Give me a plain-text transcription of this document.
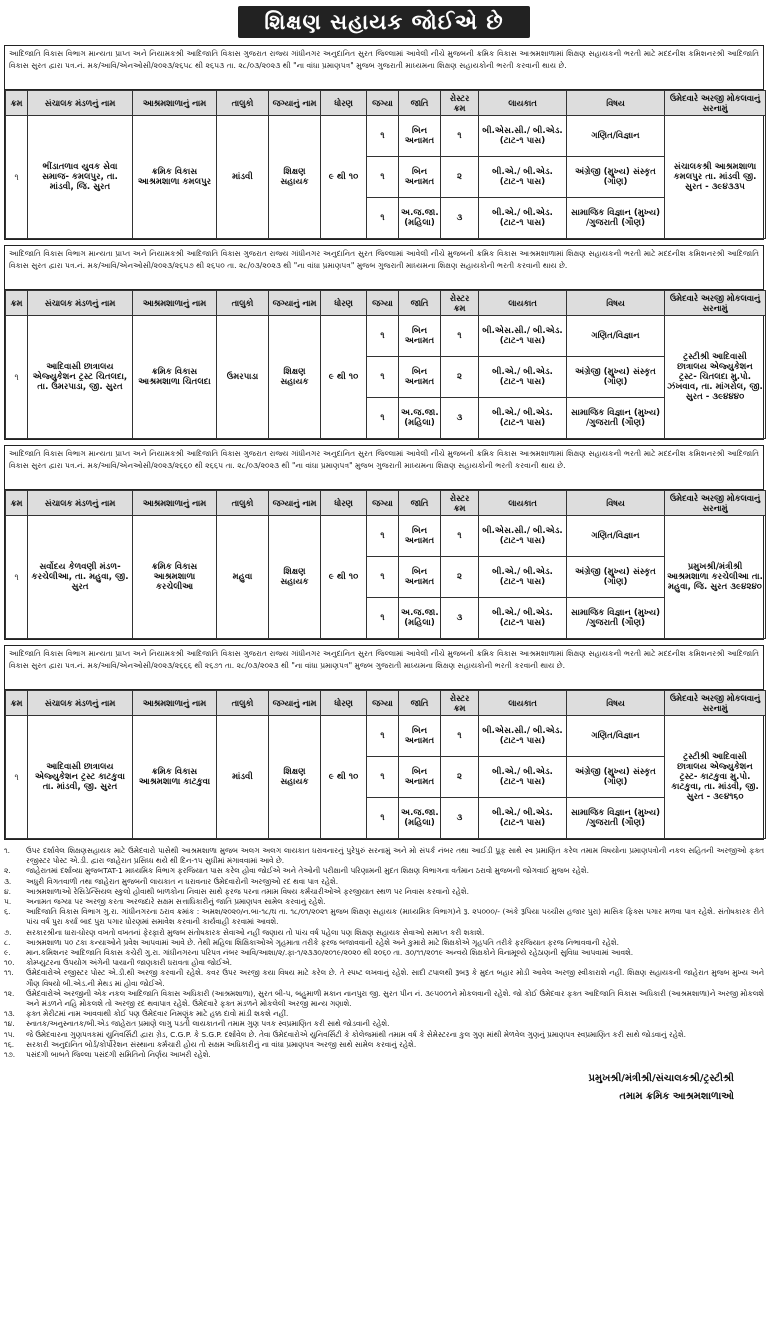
શિક્ષણ સહાયક જોઈએ છે
આદિજાતિ વિકાસ વિભાગ માન્યતા પ્રાપ્ત અને નિયામકશ્રી આદિજાતિ વિકાસ ગુજરાત રાજ્ય ગાંધીનગર અનુદાનિત સુરત જિલ્લામાં આવેલી નીચે મુજબની ક્રમિક વિકાસ આશ્રમશાળામાં શિક્ષણ સહાયકની ભરતી માટે મદદનીશ કમિશનરશ્રી આદિજાતિ વિકાસ સુરત દ્વારા પત્ર.નં. મક/આવિ/એનઓસી/૨૦૨૩/૨૬૫૮ થી ૨૬૫૩ તા. ૨૮/૦૩/૨૦૨૩ થી "ના વાંધા પ્રમાણપત્ર" મુજબ ગુજરાતી માધ્યમના શિક્ષણ સહાયકોની ભરતી કરવાની થાય છે.
ક્રમ	સંચાલક મંડળનું નામ	આશ્રમશાળાનું નામ	તાલુકો	જગ્યાનું નામ	ધોરણ	જગ્યા	જાતિ	રોસ્ટર ક્રમ	લાયકાત	વિષય	ઉમેદવારે અરજી મોકલવાનું સરનામું
૧	ભીંડાતળાવ યુવક સેવા સમાજ- કમલપુર, તા. માંડવી, જિ. સુરત	ક્રમિક વિકાસ આશ્રમશાળા કમલપુર	માંડવી	શિક્ષણ સહાયક	૯ થી ૧૦	૧	બિન અનામત	૧	બી.એસ.સી./ બી.એડ. (ટાટ-૧ પાસ)	ગણિત/વિજ્ઞાન	સંચાલકશ્રી આશ્રમશાળા કમલપુર તા. માંડવી જી. સુરત - ૩૯૪૩૩૫
						૧	બિન અનામત	૨	બી.એ./ બી.એડ. (ટાટ-૧ પાસ)	અંગ્રેજી (મુખ્ય) સંસ્કૃત (ગૌણ)	
						૧	અ.જ.જા. (મહિલા)	૩	બી.એ./ બી.એડ. (ટાટ-૧ પાસ)	સામાજિક વિજ્ઞાન (મુખ્ય) /ગુજરાતી (ગૌણ)	
આદિજાતિ વિકાસ વિભાગ માન્યતા પ્રાપ્ત અને નિયામકશ્રી આદિજાતિ વિકાસ ગુજરાત રાજ્ય ગાંધીનગર અનુદાનિત સુરત જિલ્લામાં આવેલી નીચે મુજબની ક્રમિક વિકાસ આશ્રમશાળામાં શિક્ષણ સહાયકની ભરતી માટે મદદનીશ કમિશનરશ્રી આદિજાતિ વિકાસ સુરત દ્વારા પત્ર.નં. મક/આવિ/એનઓસી/૨૦૨૩/૨૬૫૭ થી ૨૬૫૦ તા. ૨૮/૦૩/૨૦૨૩ થી "ના વાંધા પ્રમાણપત્ર" મુજબ ગુજરાતી માધ્યમના શિક્ષણ સહાયકોની ભરતી કરવાની થાય છે.
ક્રમ	સંચાલક મંડળનું નામ	આશ્રમશાળાનું નામ	તાલુકો	જગ્યાનું નામ	ધોરણ	જગ્યા	જાતિ	રોસ્ટર ક્રમ	લાયકાત	વિષય	ઉમેદવારે અરજી મોકલવાનું સરનામું
૧	આદિવાસી છાત્રાલય એજ્યુકેશન ટ્રસ્ટ ચિતલદા, તા. ઉમરપાડા, જી. સુરત	ક્રમિક વિકાસ આશ્રમશાળા ચિતલદા	ઉમરપાડા	શિક્ષણ સહાયક	૯ થી ૧૦	૧	બિન અનામત	૧	બી.એસ.સી./ બી.એડ. (ટાટ-૧ પાસ)	ગણિત/વિજ્ઞાન	ટ્રસ્ટીશ્રી આદિવાસી છાત્રાલય એજ્યુકેશન ટ્રસ્ટ- ચિતલદા મુ.પો. ઝંખવાવ, તા. માંગરોલ, જી. સુરત - ૩૯૪૪૪૦
						૧	બિન અનામત	૨	બી.એ./ બી.એડ. (ટાટ-૧ પાસ)	અંગ્રેજી (મુખ્ય) સંસ્કૃત (ગૌણ)	
						૧	અ.જ.જા. (મહિલા)	૩	બી.એ./ બી.એડ. (ટાટ-૧ પાસ)	સામાજિક વિજ્ઞાન (મુખ્ય) /ગુજરાતી (ગૌણ)	
આદિજાતિ વિકાસ વિભાગ માન્યતા પ્રાપ્ત અને નિયામકશ્રી આદિજાતિ વિકાસ ગુજરાત રાજ્ય ગાંધીનગર અનુદાનિત સુરત જિલ્લામાં આવેલી નીચે મુજબની ક્રમિક વિકાસ આશ્રમશાળામાં શિક્ષણ સહાયકની ભરતી માટે મદદનીશ કમિશનરશ્રી આદિજાતિ વિકાસ સુરત દ્વારા પત્ર.નં. મક/આવિ/એનઓસી/૨૦૨૩/૨૬૬૦ થી ૨૬૬૫ તા. ૨૮/૦૩/૨૦૨૩ થી "ના વાંધા પ્રમાણપત્ર" મુજબ ગુજરાતી માધ્યમના શિક્ષણ સહાયકોની ભરતી કરવાની થાય છે.
ક્રમ	સંચાલક મંડળનું નામ	આશ્રમશાળાનું નામ	તાલુકો	જગ્યાનું નામ	ધોરણ	જગ્યા	જાતિ	રોસ્ટર ક્રમ	લાયકાત	વિષય	ઉમેદવારે અરજી મોકલવાનું સરનામું
૧	સર્વોદય કેળવણી મંડળ- કરચેલીઆ, તા. મહુવા, જી. સુરત	ક્રમિક વિકાસ આશ્રમશાળા કરચેલીઆ	મહુવા	શિક્ષણ સહાયક	૯ થી ૧૦	૧	બિન અનામત	૧	બી.એસ.સી./ બી.એડ. (ટાટ-૧ પાસ)	ગણિત/વિજ્ઞાન	પ્રમુખશ્રી/મંત્રીશ્રી આશ્રમશાળા કરચેલીઆ તા. મહુવા, જિ. સુરત ૩૯૪૨૪૦
						૧	બિન અનામત	૨	બી.એ./ બી.એડ. (ટાટ-૧ પાસ)	અંગ્રેજી (મુખ્ય) સંસ્કૃત (ગૌણ)	
						૧	અ.જ.જા. (મહિલા)	૩	બી.એ./ બી.એડ. (ટાટ-૧ પાસ)	સામાજિક વિજ્ઞાન (મુખ્ય) /ગુજરાતી (ગૌણ)	
આદિજાતિ વિકાસ વિભાગ માન્યતા પ્રાપ્ત અને નિયામકશ્રી આદિજાતિ વિકાસ ગુજરાત રાજ્ય ગાંધીનગર અનુદાનિત સુરત જિલ્લામાં આવેલી નીચે મુજબની ક્રમિક વિકાસ આશ્રમશાળામાં શિક્ષણ સહાયકની ભરતી માટે મદદનીશ કમિશનરશ્રી આદિજાતિ વિકાસ સુરત દ્વારા પત્ર.નં. મક/આવિ/એનઓસી/૨૦૨૩/૨૬૬૬ થી ૨૬૭૧ તા. ૨૮/૦૩/૨૦૨૩ થી "ના વાંધા પ્રમાણપત્ર" મુજબ ગુજરાતી માધ્યમના શિક્ષણ સહાયકોની ભરતી કરવાની થાય છે.
ક્રમ	સંચાલક મંડળનું નામ	આશ્રમશાળાનું નામ	તાલુકો	જગ્યાનું નામ	ધોરણ	જગ્યા	જાતિ	રોસ્ટર ક્રમ	લાયકાત	વિષય	ઉમેદવારે અરજી મોકલવાનું સરનામું
૧	આદિવાસી છાત્રાલય એજ્યુકેશન ટ્રસ્ટ કાટકુવા તા. માંડવી, જી. સુરત	ક્રમિક વિકાસ આશ્રમશાળા કાટકુવા	માંડવી	શિક્ષણ સહાયક	૯ થી ૧૦	૧	બિન અનામત	૧	બી.એસ.સી./ બી.એડ. (ટાટ-૧ પાસ)	ગણિત/વિજ્ઞાન	ટ્રસ્ટીશ્રી આદિવાસી છાત્રાલય એજ્યુકેશન ટ્રસ્ટ- કાટકુવા મુ.પો. કાટકુવા, તા. માંડવી, જી. સુરત - ૩૯૪૧૬૦
						૧	બિન અનામત	૨	બી.એ./ બી.એડ. (ટાટ-૧ પાસ)	અંગ્રેજી (મુખ્ય) સંસ્કૃત (ગૌણ)	
						૧	અ.જ.જા. (મહિલા)	૩	બી.એ./ બી.એડ. (ટાટ-૧ પાસ)	સામાજિક વિજ્ઞાન (મુખ્ય) /ગુજરાતી (ગૌણ)	
૧.	ઉપર દર્શાવેલ શિક્ષણસહાયક માટે ઉમેદવારો પાસેથી આશ્રમશાળા મુજબ અલગ અલગ લાયકાત ધરાવનારનું પુરેપુરું સરનામું અને મો સંપર્ક નંબર તથા આઈડી પ્રૂફ સાથે સ્વ પ્રમાણિત કરેલ તમામ વિષયોના પ્રમાણપત્રોની નકલ સહિતની અરજીઓ ફક્ત રજીસ્ટર પોસ્ટ એ.ડી. દ્વારા જાહેરાત પ્રસિધ્ધ થયે થી દિન-૧૫ સુધીમાં મંગાવવામાં આવે છે.
૨.	જાહેરાતમાં દર્શાવ્યા મુજબTAT-1 માધ્યમિક વિભાગ ફરજિયાત પાસ કરેલ હોવા જોઈએ અને તેઓની પરીક્ષાની પરિણામની મુદત શિક્ષણ વિભાગના વર્તમાન ઠરાવો મુજબની જોગવાઈ મુજબ રહેશે.
૩.	અધુરી વિગતવાળી તથા જાહેરાત મુજબની લાયકાત ન ધરાવનાર ઉમેદવારોની અરજીઓ રદ થવા પાત્ર રહેશે.
૪.	આશ્રમશાળાઓ રેસિડેન્સિયલ સ્કુલો હોવાથી બાળકોના નિવાસ સાથે ફરજ પરના તમામ વિષય કર્મચારીઓએ ફરજીયાત સ્થળ પર નિવાસ કરવાનો રહેશે.
૫.	અનામત જગ્યા પર અરજી કરતા અરજદારે સક્ષમ સત્તાધિકારીનું જાતિ પ્રમાણપત્ર સામેલ કરવાનું રહેશે.
૬.	આદિજાતિ વિકાસ વિભાગ ગુ.રા. ગાંધીનગરના ઠરાવ ક્રમાંક : અમશ/૨૦૨૦/ન.બા-૧૮/ઘ તા. ૧૮/૦૧/૨૦૨૧ મુજબ શિક્ષણ સહાયક (માધ્યમિક વિભાગ)ને રૂ. ૨૫૦૦૦/- (અંકે રૂપિયા પચ્ચીસ હજાર પુરા) માસિક ફિક્સ પગાર મળવા પાત્ર રહેશે. સંતોષકારક રીતે પાંચ વર્ષ પુરા કર્યા બાદ પુરા પગાર ધોરણમાં સમાવેશ કરવાની કાર્યવાહી કરવામાં આવશે.
૭.	સરકારશ્રીના ધારા-ધોરણ વખતો વખતનાં ફેરફારો મુજબ સંતોષકારક સેવાઓ નહીં જણાય તો પાંચ વર્ષ પહેલા પણ શિક્ષણ સહાયક સેવાઓ સમાપ્ત કરી શકાશે.
૮.	આશ્રમશાળા ૫૦ ટકા કન્યાઓને પ્રવેશ આપવામાં આવે છે. તેથી મહિલા શિક્ષિકાઓએ ગૃહમાતા તરીકે ફરજ બજાવવાની રહેશે અને કુમારો માટે શિક્ષકોએ ગૃહપતિ તરીકે ફરજિયાત ફરજ નિભાવવાની રહેશે.
૯.	માન.કમિશનર આદિજાતિ વિકાસ કચેરી ગુ.રા. ગાંધીનગરના પરિપત્ર નંબર આવિ/આશા/૨/.ફા-૧/૨૩૩૦/૨૦૧૯/૨૦૨૦ થી ૨૦૬૦ તા. ૩૦/૧૧/૨૦૧૯ અન્વયે શિક્ષકોને વિનામૂલ્યે રહેઠાણની સુવિધા આપવામાં આવશે.
૧૦.	કોમ્પ્યુટરના ઉપયોગ અંગેની પાયાની જાણકારી ધરાવતા હોવા જોઈએ.
૧૧.	ઉમેદવારોએ રજીસ્ટર પોસ્ટ એ.ડી.થી અરજી કરવાની રહેશે. કવર ઉપર અરજી કયા વિષય માટે કરેલ છે. તે સ્પષ્ટ લખવાનું રહેશે. સાદી ટપાલથી રૂબરૂ કે મુદત બહાર મોડી આવેલ અરજી સ્વીકારાશે નહીં. શિક્ષણ સહાયકની જાહેરાત મુજબ મુખ્ય અને ગૌણ વિષયો બી.એડ.ની મેથડ માં હોવા જોઈએ.
૧૨.	ઉમેદવારોએ અરજીની એક નકલ આદિજાતિ વિકાસ અધિકારી (આશ્રમશાળા), સુરત બી-૫, બહુમાળી મકાન નાનપુરા જી. સુરત પીન નં. ૩૯૫૦૦૧ને મોકલવાની રહેશે. જો કોઈ ઉમેદવાર ફક્ત આદિજાતિ વિકાસ અધિકારી (આશ્રમશાળા)ને અરજી મોકલશે અને મંડળને નહિ મોકલશે તો અરજી રદ થવાપાત્ર રહેશે. ઉમેદવારે ફક્ત મંડળને મોકલેલી અરજી માન્ય ગણાશે.
૧૩.	ફક્ત મેરીટમાં નામ આવવાથી કોઈ પણ ઉમેદવાર નિમણુંક માટે હક્ક દાવો માંડી શકશે નહીં.
૧૪.	સ્નાતક/અનુસ્નાતક/બી.એડ જાહેરાત પ્રમાણે લાગુ પડતી લાયકાતની તમામ ગુણ પત્રક સ્વપ્રમાણિત કરી સાથે જોડવાની રહેશે.
૧૫.	જે ઉમેદવારના ગુણપત્રકમાં યુનિવર્સિટી દ્વારા ગ્રેડ, C.G.P. કે S.G.P. દર્શાવેલ છે. તેવા ઉમેદવારોએ યુનિવર્સિટી કે કોલેજમાંથી તમામ વર્ષ કે સેમેસ્ટરના કુલ ગુણ માંથી મેળવેલ ગુણનું પ્રમાણપત્ર સ્વપ્રમાણિત કરી સાથે જોડવાનું રહેશે.
૧૬.	સરકારી અનુદાનિત બોર્ડ/કોર્પોરેશન સંસ્થાના કર્મચારી હોય તો સક્ષમ અધિકારીનું ના વાંધા પ્રમાણપત્ર અરજી સાથે સામેલ કરવાનું રહેશે.
૧૭.	પસંદગી બાબતે જિલ્લા પસંદગી સમિતિનો નિર્ણય આખરી રહેશે.
પ્રમુખશ્રી/મંત્રીશ્રી/સંચાલકશ્રી/ટ્રસ્ટીશ્રી
તમામ ક્રમિક આશ્રમશાળાઓ
